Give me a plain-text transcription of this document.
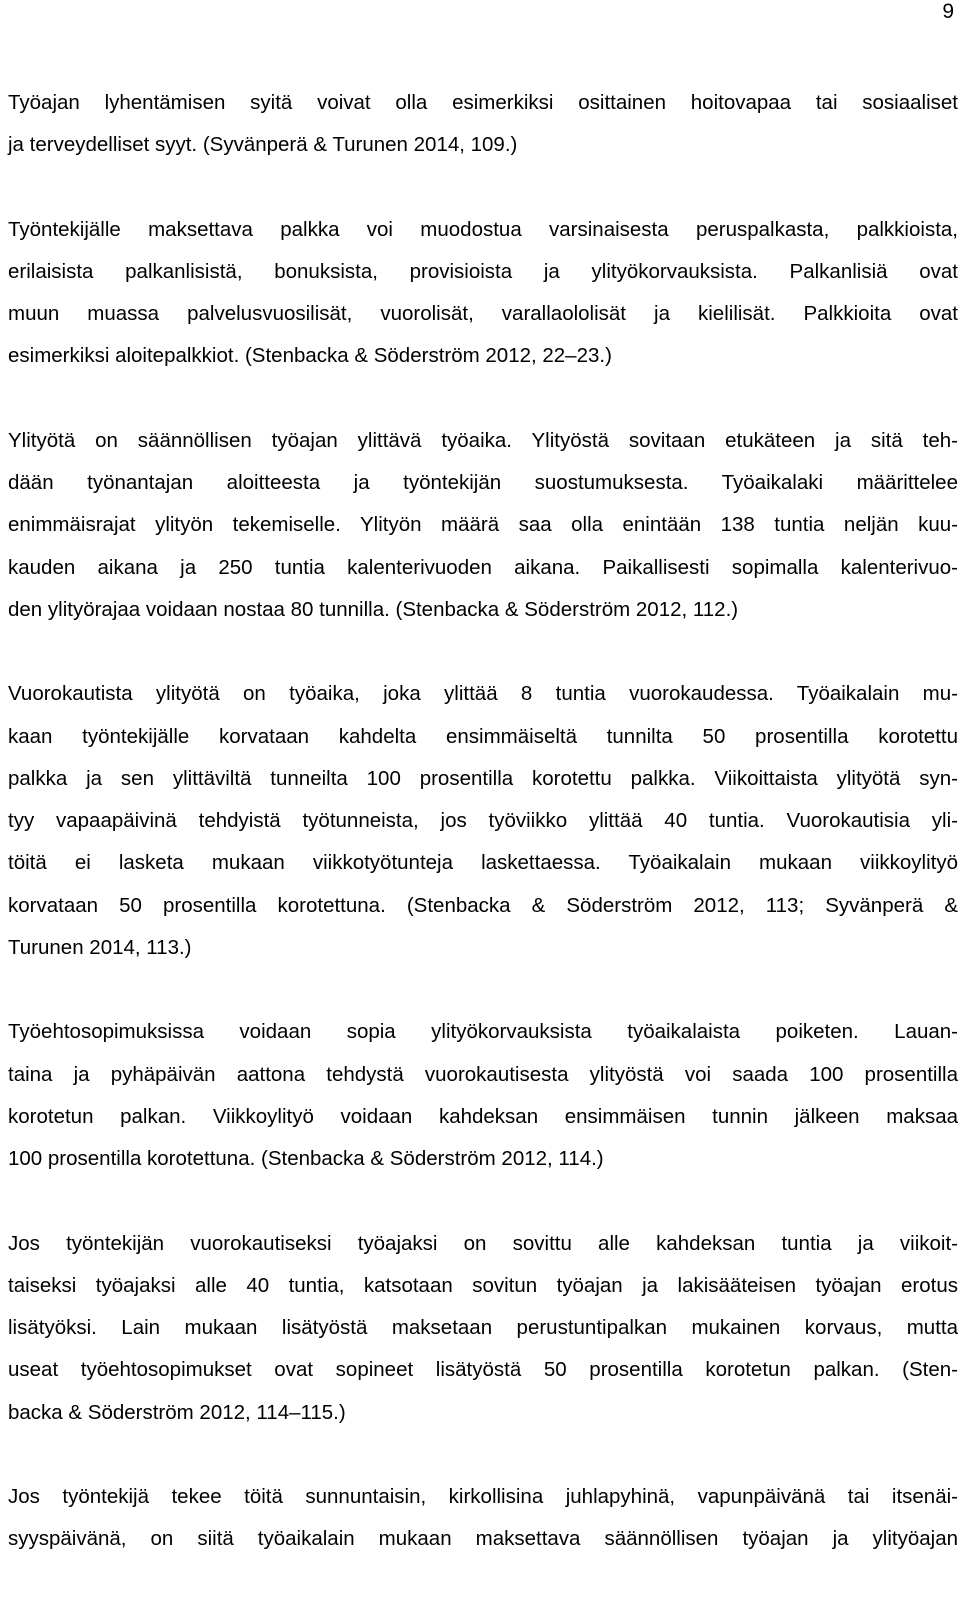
9
Työajan lyhentämisen syitä voivat olla esimerkiksi osittainen hoitovapaa tai sosiaaliset
ja terveydelliset syyt. (Syvänperä & Turunen 2014, 109.)
Työntekijälle maksettava palkka voi muodostua varsinaisesta peruspalkasta, palkkioista,
erilaisista palkanlisistä, bonuksista, provisioista ja ylityökorvauksista. Palkanlisiä ovat
muun muassa palvelusvuosilisät, vuorolisät, varallaololisät ja kielilisät. Palkkioita ovat
esimerkiksi aloitepalkkiot. (Stenbacka & Söderström 2012, 22–23.)
Ylityötä on säännöllisen työajan ylittävä työaika. Ylityöstä sovitaan etukäteen ja sitä teh-
dään työnantajan aloitteesta ja työntekijän suostumuksesta. Työaikalaki määrittelee
enimmäisrajat ylityön tekemiselle. Ylityön määrä saa olla enintään 138 tuntia neljän kuu-
kauden aikana ja 250 tuntia kalenterivuoden aikana. Paikallisesti sopimalla kalenterivuo-
den ylityörajaa voidaan nostaa 80 tunnilla. (Stenbacka & Söderström 2012, 112.)
Vuorokautista ylityötä on työaika, joka ylittää 8 tuntia vuorokaudessa. Työaikalain mu-
kaan työntekijälle korvataan kahdelta ensimmäiseltä tunnilta 50 prosentilla korotettu
palkka ja sen ylittäviltä tunneilta 100 prosentilla korotettu palkka. Viikoittaista ylityötä syn-
tyy vapaapäivinä tehdyistä työtunneista, jos työviikko ylittää 40 tuntia. Vuorokautisia yli-
töitä ei lasketa mukaan viikkotyötunteja laskettaessa. Työaikalain mukaan viikkoylityö
korvataan 50 prosentilla korotettuna. (Stenbacka & Söderström 2012, 113; Syvänperä &
Turunen 2014, 113.)
Työehtosopimuksissa voidaan sopia ylityökorvauksista työaikalaista poiketen. Lauan-
taina ja pyhäpäivän aattona tehdystä vuorokautisesta ylityöstä voi saada 100 prosentilla
korotetun palkan. Viikkoylityö voidaan kahdeksan ensimmäisen tunnin jälkeen maksaa
100 prosentilla korotettuna. (Stenbacka & Söderström 2012, 114.)
Jos työntekijän vuorokautiseksi työajaksi on sovittu alle kahdeksan tuntia ja viikoit-
taiseksi työajaksi alle 40 tuntia, katsotaan sovitun työajan ja lakisääteisen työajan erotus
lisätyöksi. Lain mukaan lisätyöstä maksetaan perustuntipalkan mukainen korvaus, mutta
useat työehtosopimukset ovat sopineet lisätyöstä 50 prosentilla korotetun palkan. (Sten-
backa & Söderström 2012, 114–115.)
Jos työntekijä tekee töitä sunnuntaisin, kirkollisina juhlapyhinä, vapunpäivänä tai itsenäi-
syyspäivänä, on siitä työaikalain mukaan maksettava säännöllisen työajan ja ylityöajan
